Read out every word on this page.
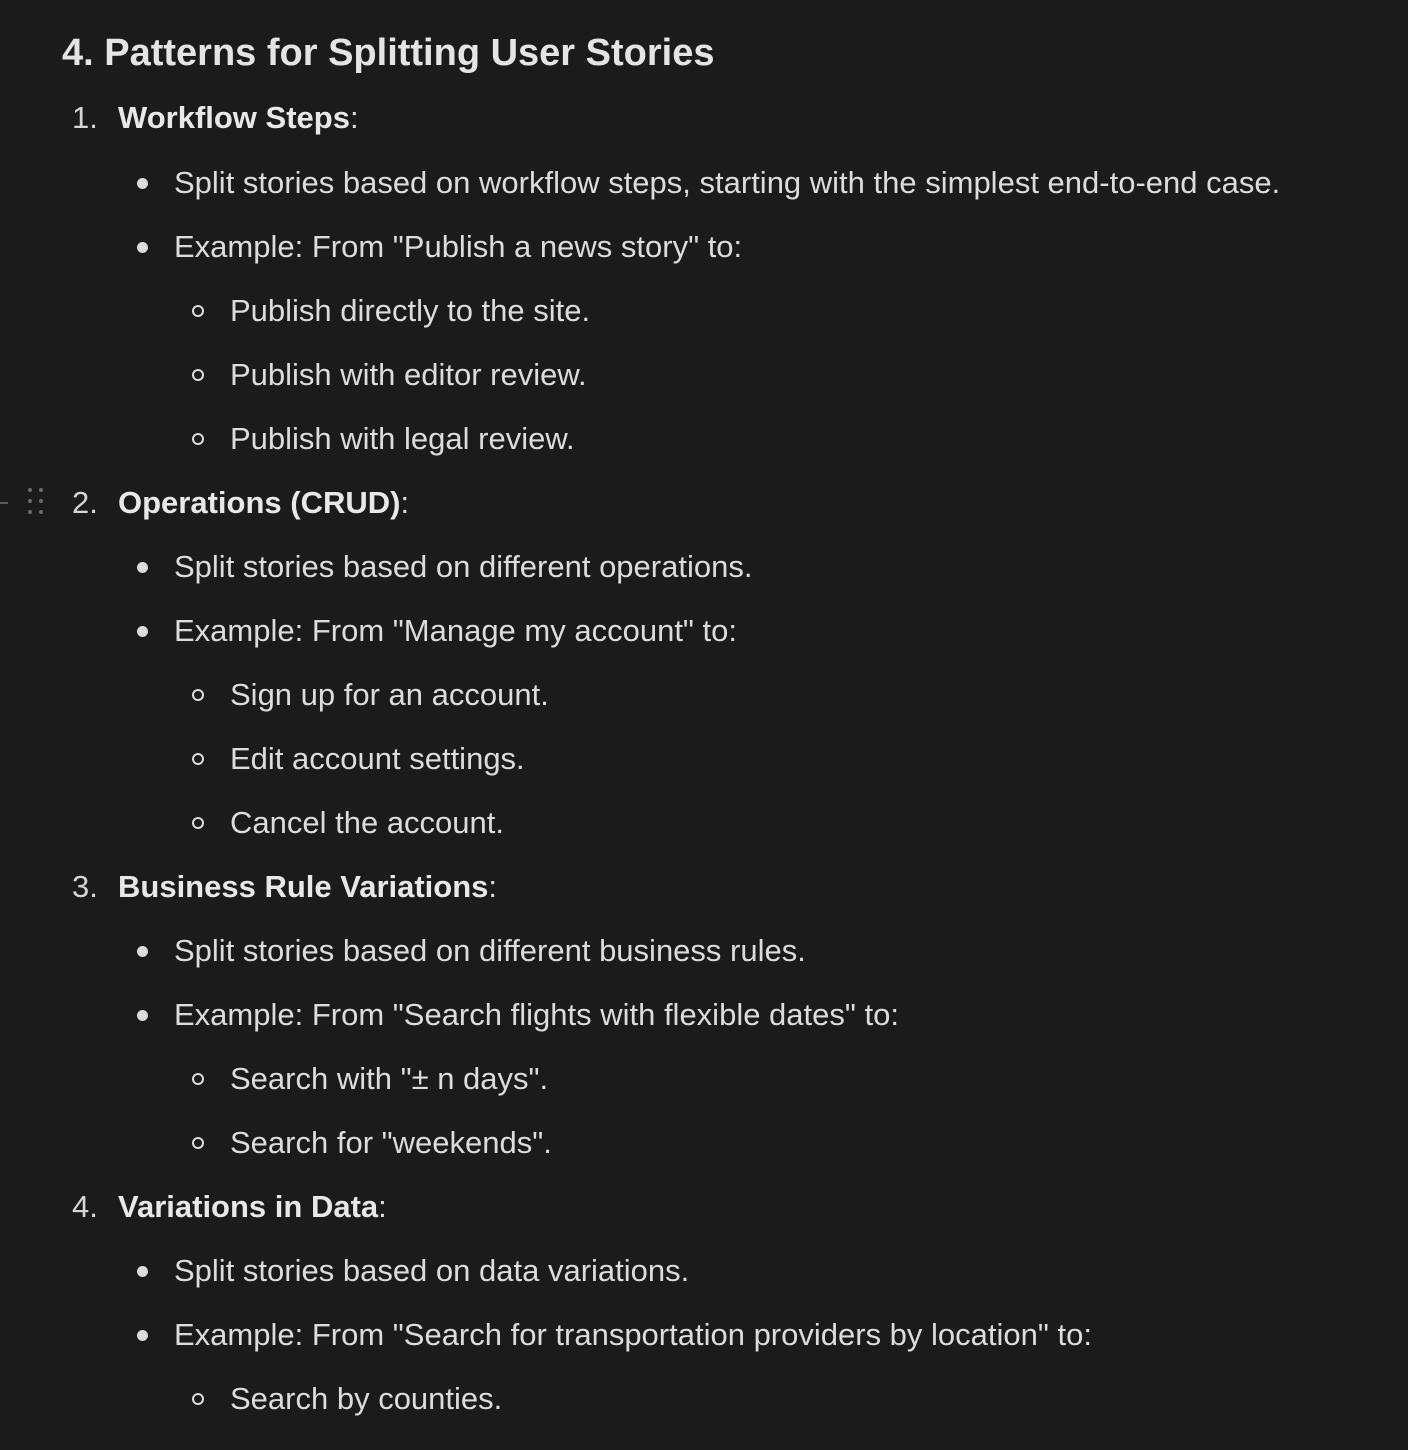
4. Patterns for Splitting User Stories
1. Workflow Steps:
Split stories based on workflow steps, starting with the simplest end-to-end case.
Example: From "Publish a news story" to:
Publish directly to the site.
Publish with editor review.
Publish with legal review.
2. Operations (CRUD):
Split stories based on different operations.
Example: From "Manage my account" to:
Sign up for an account.
Edit account settings.
Cancel the account.
3. Business Rule Variations:
Split stories based on different business rules.
Example: From "Search flights with flexible dates" to:
Search with "± n days".
Search for "weekends".
4. Variations in Data:
Split stories based on data variations.
Example: From "Search for transportation providers by location" to:
Search by counties.
